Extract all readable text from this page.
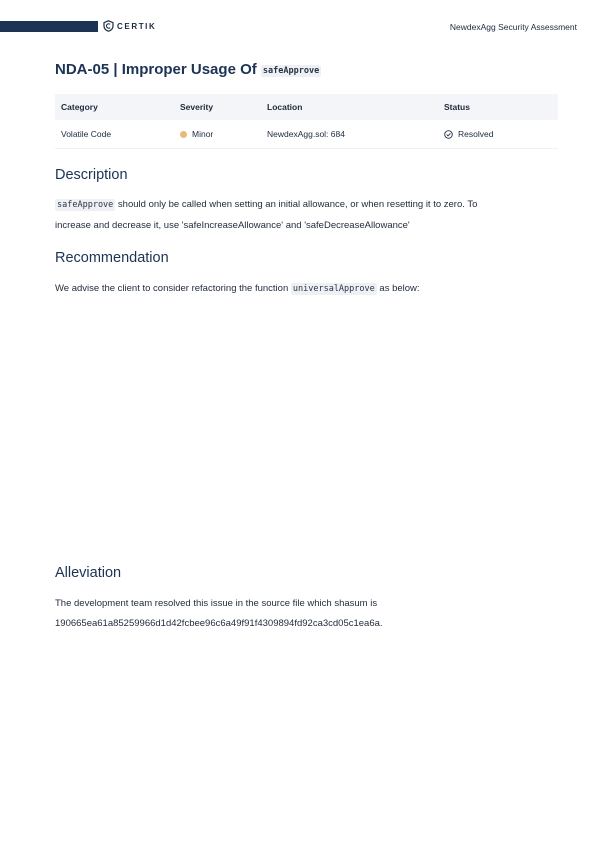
CERTIK	NewdexAgg Security Assessment
NDA-05 | Improper Usage Of safeApprove
Category	Severity	Location	Status
Volatile Code	Minor	NewdexAgg.sol: 684	Resolved
Description

safeApprove should only be called when setting an initial allowance, or when resetting it to zero. To
increase and decrease it, use 'safeIncreaseAllowance' and 'safeDecreaseAllowance'

Recommendation

We advise the client to consider refactoring the function universalApprove as below:

Alleviation

The development team resolved this issue in the source file which shasum is
190665ea61a85259966d1d42fcbee96c6a49f91f4309894fd92ca3cd05c1ea6a.
